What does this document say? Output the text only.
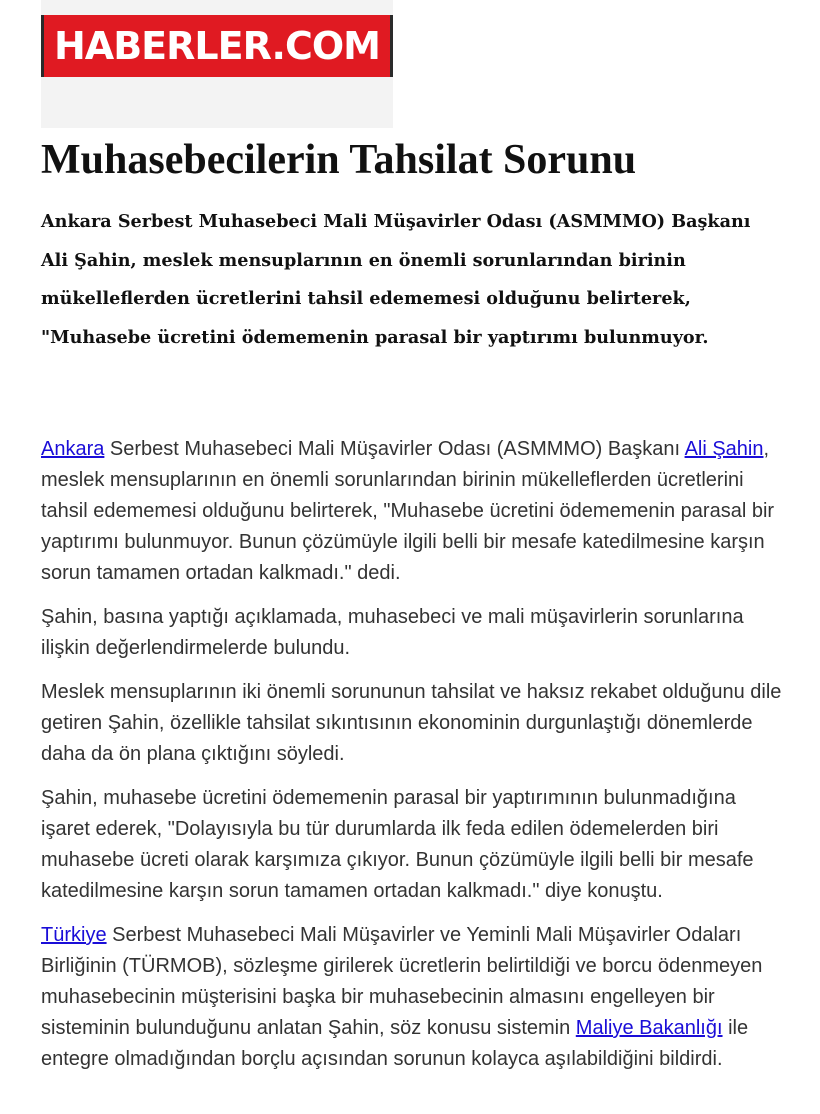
HABERLER.COM
Muhasebecilerin Tahsilat Sorunu

Ankara Serbest Muhasebeci Mali Müşavirler Odası (ASMMMO) Başkanı Ali Şahin, meslek mensuplarının en önemli sorunlarından birinin mükelleflerden ücretlerini tahsil edememesi olduğunu belirterek, "Muhasebe ücretini ödememenin parasal bir yaptırımı bulunmuyor.

Ankara Serbest Muhasebeci Mali Müşavirler Odası (ASMMMO) Başkanı Ali Şahin, meslek mensuplarının en önemli sorunlarından birinin mükelleflerden ücretlerini tahsil edememesi olduğunu belirterek, "Muhasebe ücretini ödememenin parasal bir yaptırımı bulunmuyor. Bunun çözümüyle ilgili belli bir mesafe katedilmesine karşın sorun tamamen ortadan kalkmadı." dedi.

Şahin, basına yaptığı açıklamada, muhasebeci ve mali müşavirlerin sorunlarına ilişkin değerlendirmelerde bulundu.

Meslek mensuplarının iki önemli sorununun tahsilat ve haksız rekabet olduğunu dile getiren Şahin, özellikle tahsilat sıkıntısının ekonominin durgunlaştığı dönemlerde daha da ön plana çıktığını söyledi.

Şahin, muhasebe ücretini ödememenin parasal bir yaptırımının bulunmadığına işaret ederek, "Dolayısıyla bu tür durumlarda ilk feda edilen ödemelerden biri muhasebe ücreti olarak karşımıza çıkıyor. Bunun çözümüyle ilgili belli bir mesafe katedilmesine karşın sorun tamamen ortadan kalkmadı." diye konuştu.

Türkiye Serbest Muhasebeci Mali Müşavirler ve Yeminli Mali Müşavirler Odaları Birliğinin (TÜRMOB), sözleşme girilerek ücretlerin belirtildiği ve borcu ödenmeyen muhasebecinin müşterisini başka bir muhasebecinin almasını engelleyen bir sisteminin bulunduğunu anlatan Şahin, söz konusu sistemin Maliye Bakanlığı ile entegre olmadığından borçlu açısından sorunun kolayca aşılabildiğini bildirdi.
